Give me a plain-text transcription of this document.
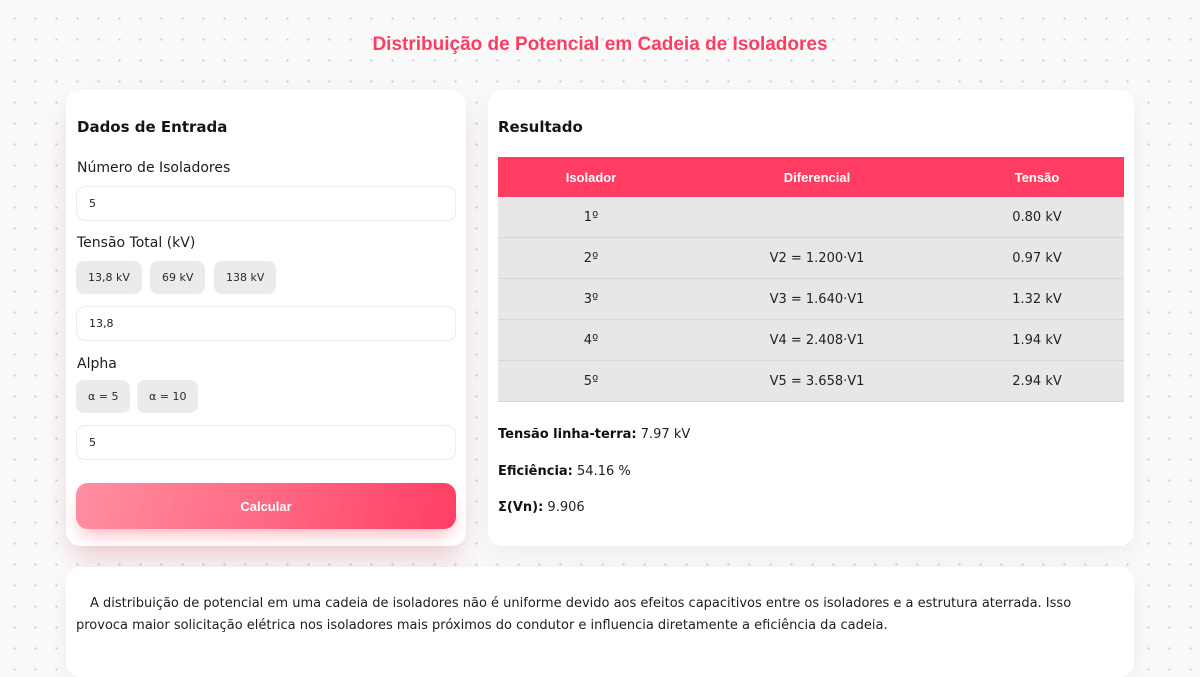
Distribuição de Potencial em Cadeia de Isoladores
Dados de Entrada
Número de Isoladores
5
Tensão Total (kV)
13,8 kV	69 kV	138 kV
13,8
Alpha
α = 5	α = 10
5
Calcular
Resultado
Isolador	Diferencial	Tensão
1º		0.80 kV
2º	V2 = 1.200·V1	0.97 kV
3º	V3 = 1.640·V1	1.32 kV
4º	V4 = 2.408·V1	1.94 kV
5º	V5 = 3.658·V1	2.94 kV
Tensão linha-terra: 7.97 kV
Eficiência: 54.16 %
Σ(Vn): 9.906

A distribuição de potencial em uma cadeia de isoladores não é uniforme devido aos efeitos capacitivos entre os isoladores e a estrutura aterrada. Isso provoca maior solicitação elétrica nos isoladores mais próximos do condutor e influencia diretamente a eficiência da cadeia.
